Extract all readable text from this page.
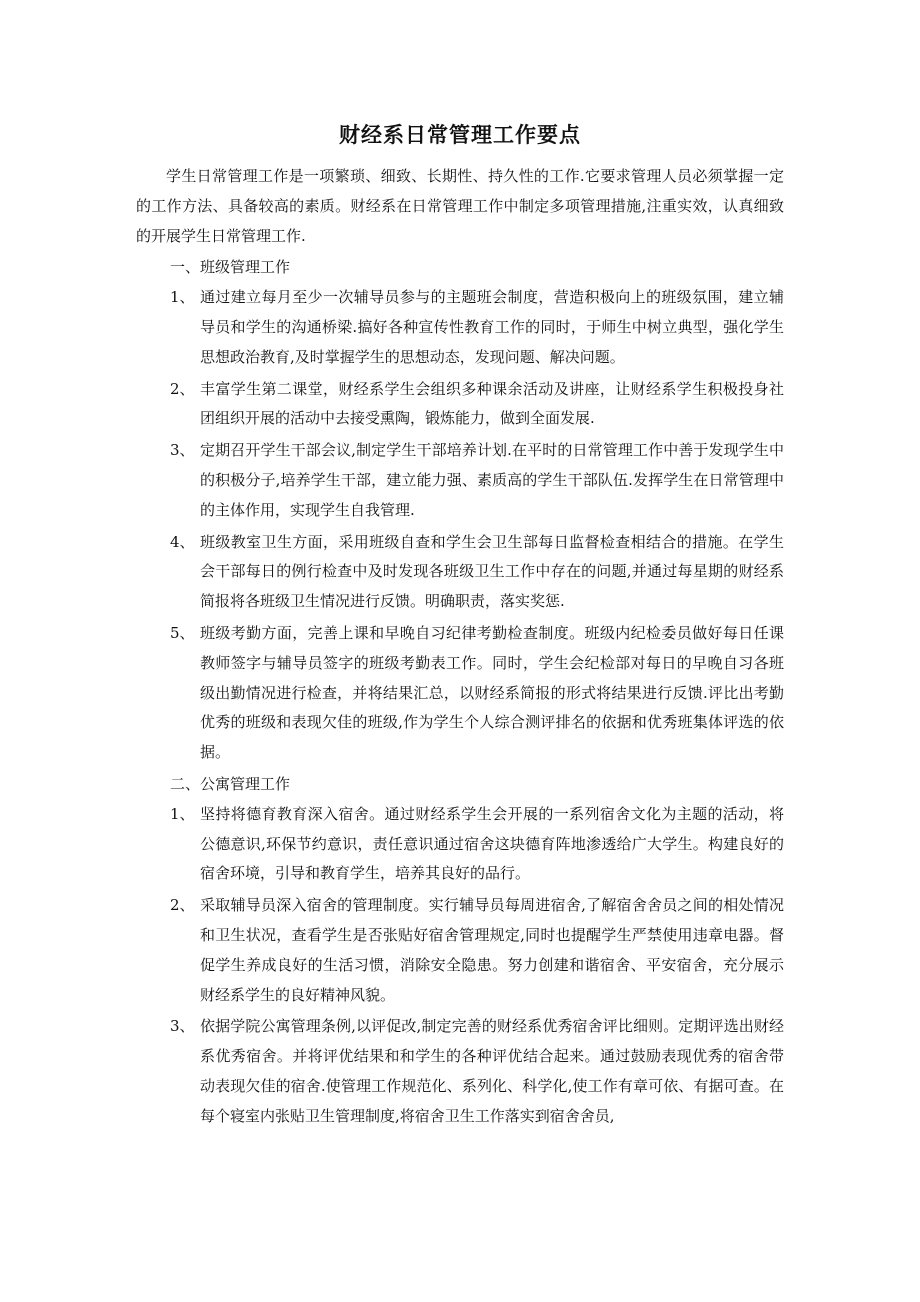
财经系日常管理工作要点

学生日常管理工作是一项繁琐、细致、长期性、持久性的工作.它要求管理人员必须掌握一定的工作方法、具备较高的素质。财经系在日常管理工作中制定多项管理措施,注重实效，认真细致的开展学生日常管理工作.

一、班级管理工作

1、 通过建立每月至少一次辅导员参与的主题班会制度，营造积极向上的班级氛围，建立辅导员和学生的沟通桥梁.搞好各种宣传性教育工作的同时，于师生中树立典型，强化学生思想政治教育,及时掌握学生的思想动态，发现问题、解决问题。
2、 丰富学生第二课堂，财经系学生会组织多种课余活动及讲座，让财经系学生积极投身社团组织开展的活动中去接受熏陶，锻炼能力，做到全面发展.
3、 定期召开学生干部会议,制定学生干部培养计划.在平时的日常管理工作中善于发现学生中的积极分子,培养学生干部，建立能力强、素质高的学生干部队伍.发挥学生在日常管理中的主体作用，实现学生自我管理.
4、 班级教室卫生方面，采用班级自查和学生会卫生部每日监督检查相结合的措施。在学生会干部每日的例行检查中及时发现各班级卫生工作中存在的问题,并通过每星期的财经系简报将各班级卫生情况进行反馈。明确职责，落实奖惩.
5、 班级考勤方面，完善上课和早晚自习纪律考勤检查制度。班级内纪检委员做好每日任课教师签字与辅导员签字的班级考勤表工作。同时，学生会纪检部对每日的早晚自习各班级出勤情况进行检查，并将结果汇总，以财经系简报的形式将结果进行反馈.评比出考勤优秀的班级和表现欠佳的班级,作为学生个人综合测评排名的依据和优秀班集体评选的依据。

二、公寓管理工作

1、 坚持将德育教育深入宿舍。通过财经系学生会开展的一系列宿舍文化为主题的活动，将公德意识,环保节约意识，责任意识通过宿舍这块德育阵地渗透给广大学生。构建良好的宿舍环境，引导和教育学生，培养其良好的品行。
2、 采取辅导员深入宿舍的管理制度。实行辅导员每周进宿舍,了解宿舍舍员之间的相处情况和卫生状况，查看学生是否张贴好宿舍管理规定,同时也提醒学生严禁使用违章电器。督促学生养成良好的生活习惯，消除安全隐患。努力创建和谐宿舍、平安宿舍，充分展示财经系学生的良好精神风貌。
3、 依据学院公寓管理条例,以评促改,制定完善的财经系优秀宿舍评比细则。定期评选出财经系优秀宿舍。并将评优结果和和学生的各种评优结合起来。通过鼓励表现优秀的宿舍带动表现欠佳的宿舍.使管理工作规范化、系列化、科学化,使工作有章可依、有据可查。在每个寝室内张贴卫生管理制度,将宿舍卫生工作落实到宿舍舍员,
